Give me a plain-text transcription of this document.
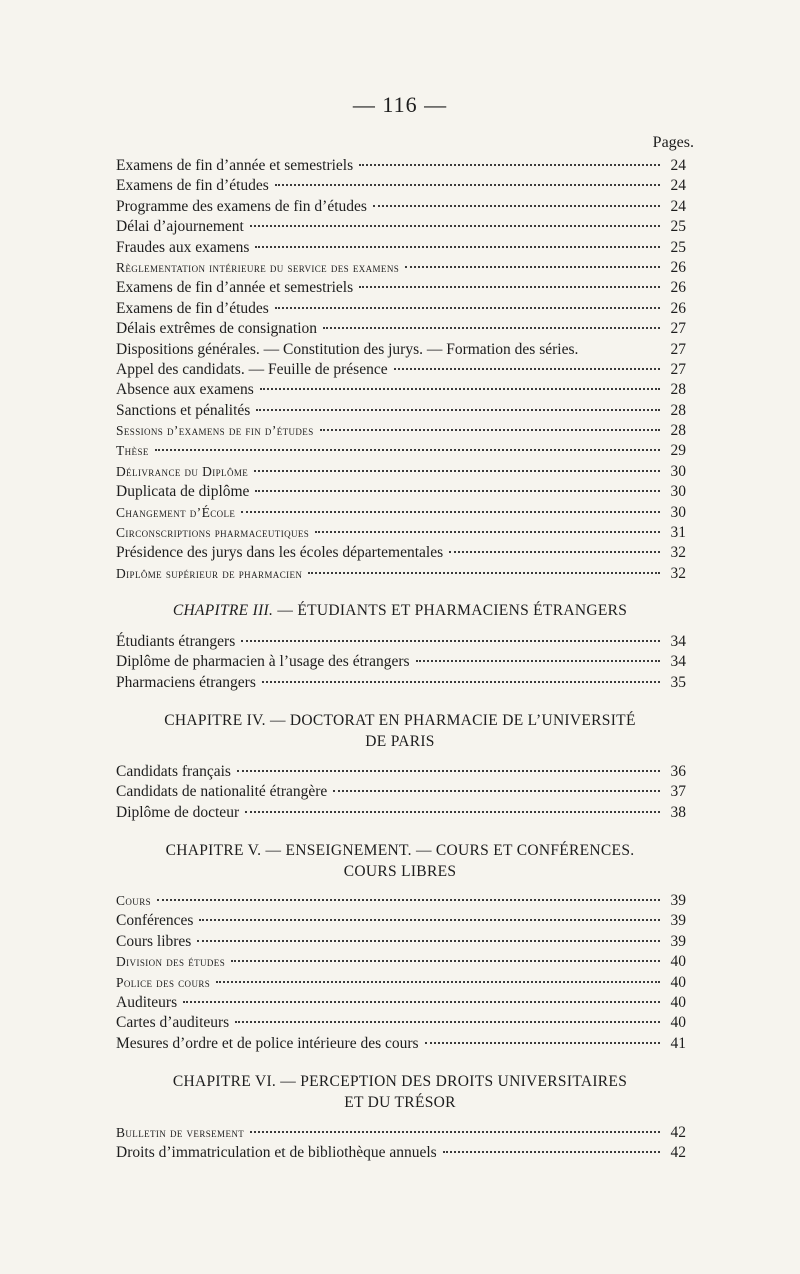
— 116 —
Pages.
Examens de fin d’année et semestriels	24
Examens de fin d’études	24
Programme des examens de fin d’études	24
Délai d’ajournement	25
Fraudes aux examens	25
Règlementation intérieure du service des examens	26
Examens de fin d’année et semestriels	26
Examens de fin d’études	26
Délais extrêmes de consignation	27
Dispositions générales. — Constitution des jurys. — Formation des séries.	27
Appel des candidats. — Feuille de présence	27
Absence aux examens	28
Sanctions et pénalités	28
Sessions d’examens de fin d’études	28
Thèse	29
Délivrance du Diplôme	30
Duplicata de diplôme	30
Changement d’École	30
Circonscriptions pharmaceutiques	31
Présidence des jurys dans les écoles départementales	32
Diplôme supérieur de pharmacien	32
CHAPITRE III. — ÉTUDIANTS ET PHARMACIENS ÉTRANGERS
Étudiants étrangers	34
Diplôme de pharmacien à l’usage des étrangers	34
Pharmaciens étrangers	35
CHAPITRE IV. — DOCTORAT EN PHARMACIE DE L’UNIVERSITÉ
DE PARIS
Candidats français	36
Candidats de nationalité étrangère	37
Diplôme de docteur	38
CHAPITRE V. — ENSEIGNEMENT. — COURS ET CONFÉRENCES.
COURS LIBRES
Cours	39
Conférences	39
Cours libres	39
Division des études	40
Police des cours	40
Auditeurs	40
Cartes d’auditeurs	40
Mesures d’ordre et de police intérieure des cours	41
CHAPITRE VI. — PERCEPTION DES DROITS UNIVERSITAIRES
ET DU TRÉSOR
Bulletin de versement	42
Droits d’immatriculation et de bibliothèque annuels	42
